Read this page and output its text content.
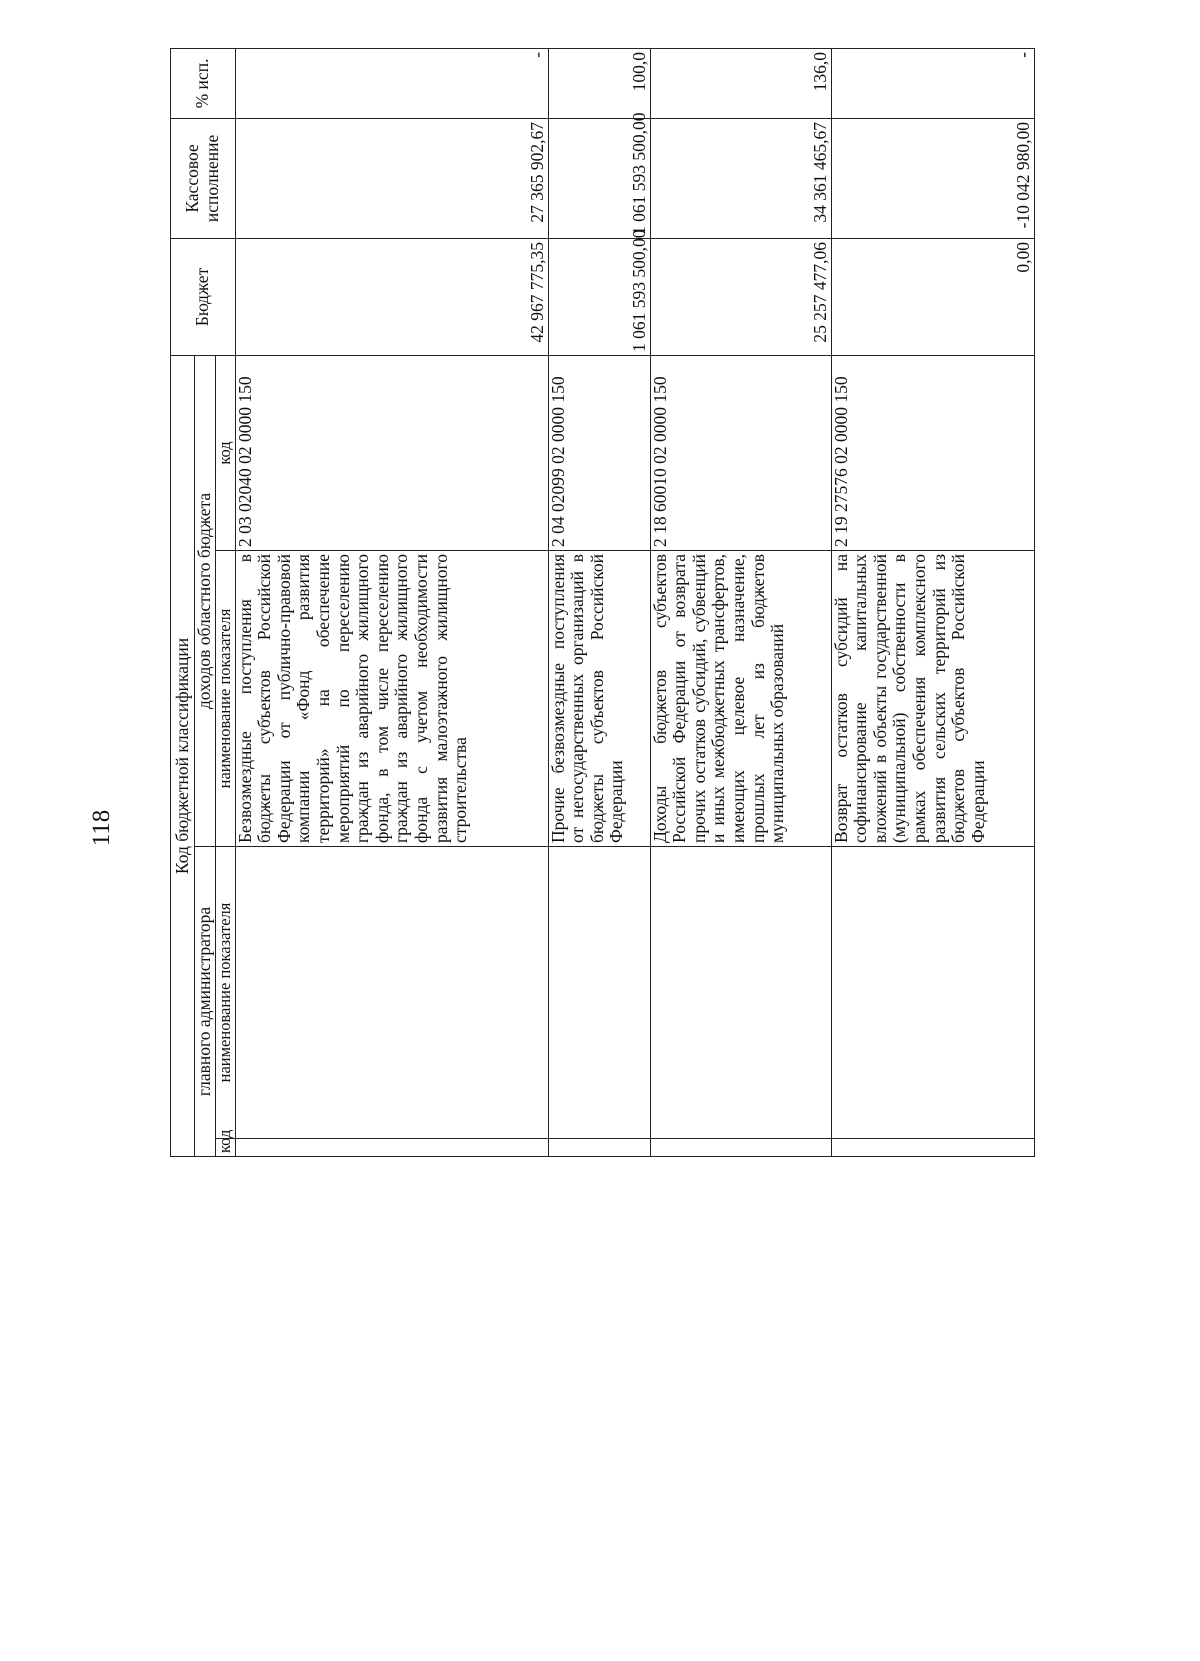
118	Код бюджетной классификации				Бюджет	Кассовое исполнение	% исп.
главного администратора		доходов областного бюджета				
код	наименование показателя	наименование показателя	код			
		Безвозмездные поступления в бюджеты субъектов Российской Федерации от публично-правовой компании «Фонд развития территорий» на обеспечение мероприятий по переселению граждан из аварийного жилищного фонда, в том числе переселению граждан из аварийного жилищного фонда с учетом необходимости развития малоэтажного жилищного строительства	2 03 02040 02 0000 150	42 967 775,35	27 365 902,67	-
		Прочие безвозмездные поступления от негосударственных организаций в бюджеты субъектов Российской Федерации	2 04 02099 02 0000 150	1 061 593 500,00	1 061 593 500,00	100,0
		Доходы бюджетов субъектов Российской Федерации от возврата прочих остатков субсидий, субвенций и иных межбюджетных трансфертов, имеющих целевое назначение, прошлых лет из бюджетов муниципальных образований	2 18 60010 02 0000 150	25 257 477,06	34 361 465,67	136,0
		Возврат остатков субсидий на софинансирование капитальных вложений в объекты государственной (муниципальной) собственности в рамках обеспечения комплексного развития сельских территорий из бюджетов субъектов Российской Федерации	2 19 27576 02 0000 150	0,00	-10 042 980,00	-
